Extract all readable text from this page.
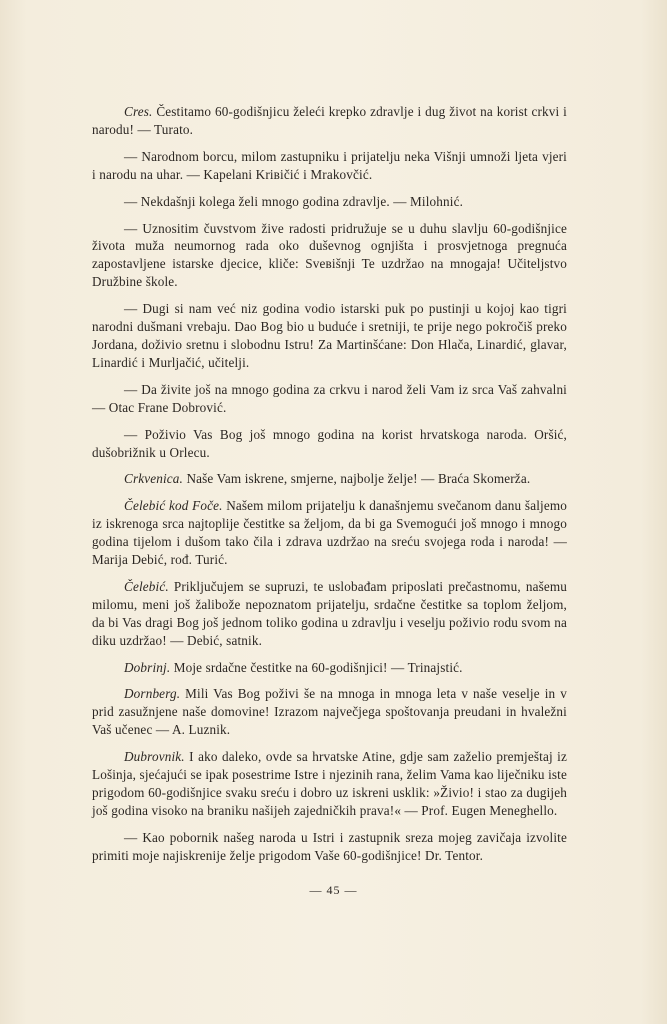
Cres. Čestitamo 60-godišnjicu želeći krepko zdravlje i dug život na korist crkvi i narodu! — Turato.

— Narodnom borcu, milom zastupniku i prijatelju neka Višnji umnoži ljeta vjeri i narodu na uhar. — Kapelani Kriвičić i Mrakovčić.

— Nekdašnji kolega želi mnogo godina zdravlje. — Milohnić.

— Uznositim čuvstvom žive radosti pridružuje se u duhu slavlju 60-godišnjice života muža neumornog rada oko duševnog ognjišta i prosvjetnoga pregnuća zapostavljene istarske djecice, kliče: Sveвišnji Te uzdržao na mnogaja! Učiteljstvo Družbine škole.

— Dugi si nam već niz godina vodio istarski puk po pustinji u kojoj kao tigri narodni dušmani vrebaju. Dao Bog bio u buduće i sretniji, te prije nego pokročiš preko Jordana, doživio sretnu i slobodnu Istru! Za Martinšćane: Don Hlača, Linardić, glavar, Linardić i Murljačić, učitelji.

— Da živite još na mnogo godina za crkvu i narod želi Vam iz srca Vaš zahvalni — Otac Frane Dobrović.

— Poživio Vas Bog još mnogo godina na korist hrvatskoga naroda. Oršić, dušobrižnik u Orlecu.

Crkvenica. Naše Vam iskrene, smjerne, najbolje želje! — Braća Skomerža.

Čelebić kod Foče. Našem milom prijatelju k današnjemu svečanom danu šaljemo iz iskrenoga srca najtoplije čestitke sa željom, da bi ga Svemogući još mnogo i mnogo godina tijelom i dušom tako čila i zdrava uzdržao na sreću svojega roda i naroda! — Marija Debić, rođ. Turić.

Čelebić. Priključujem se supruzi, te uslobađam priposlati prečastnomu, našemu milomu, meni još žalibože nepoznatom prijatelju, srdačne čestitke sa toplom željom, da bi Vas dragi Bog još jednom toliko godina u zdravlju i veselju poživio rodu svom na diku uzdržao! — Debić, satnik.

Dobrinj. Moje srdačne čestitke na 60-godišnjici! — Trinajstić.

Dornberg. Mili Vas Bog poživi še na mnoga in mnoga leta v naše veselje in v prid zasužnjene naše domovine! Izrazom največjega spoštovanja preudani in hvaležni Vaš učenec — A. Luznik.

Dubrovnik. I ako daleko, ovde sa hrvatske Atine, gdje sam zaželio premještaj iz Lošinja, sjećajući se ipak posestrime Istre i njezinih rana, želim Vama kao liječniku iste prigodom 60-godišnjice svaku sreću i dobro uz iskreni usklik: »Živio! i stao za dugijeh još godina visoko na braniku našijeh zajedničkih prava!« — Prof. Eugen Meneghello.

— Kao pobornik našeg naroda u Istri i zastupnik sreza mojeg zavičaja izvolite primiti moje najiskrenije želje prigodom Vaše 60-godišnjice! Dr. Tentor.

— 45 —
